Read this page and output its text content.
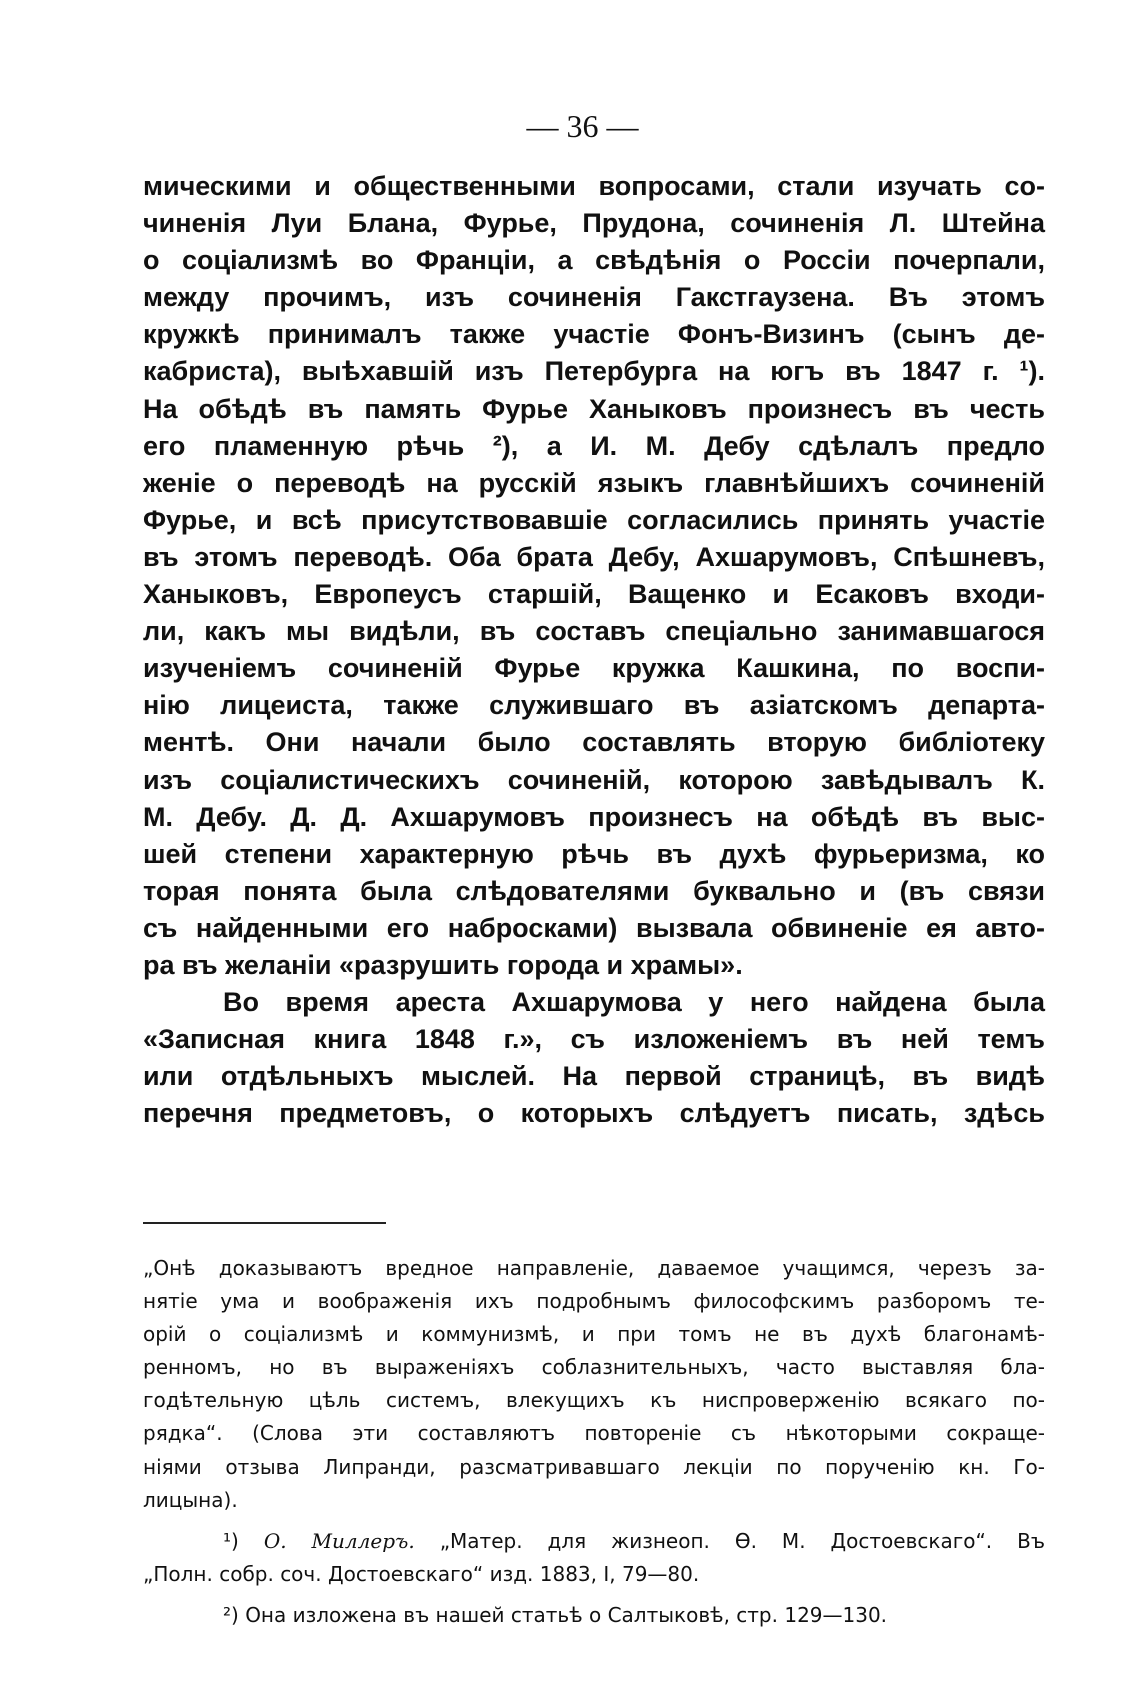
— 36 —
мическими и общественными вопросами, стали изучать со-
чиненія Луи Блана, Фурье, Прудона, сочиненія Л. Штейна
о соціализмѣ во Франціи, а свѣдѣнія о Россіи почерпали,
между прочимъ, изъ сочиненія Гакстгаузена. Въ этомъ
кружкѣ принималъ также участіе Фонъ-Визинъ (сынъ де-
кабриста), выѣхавшій изъ Петербурга на югъ въ 1847 г. ¹).
На обѣдѣ въ память Фурье Ханыковъ произнесъ въ честь
его пламенную рѣчь ²), а И. М. Дебу сдѣлалъ предло
женіе о переводѣ на русскій языкъ главнѣйшихъ сочиненій
Фурье, и всѣ присутствовавшіе согласились принять участіе
въ этомъ переводѣ. Оба брата Дебу, Ахшарумовъ, Спѣшневъ,
Ханыковъ, Европеусъ старшій, Ващенко и Есаковъ входи-
ли, какъ мы видѣли, въ составъ спеціально занимавшагося
изученіемъ сочиненій Фурье кружка Кашкина, по воспи-
нію лицеиста, также служившаго въ азіатскомъ департа-
ментѣ. Они начали было составлять вторую библіотеку
изъ соціалистическихъ сочиненій, которою завѣдывалъ К.
М. Дебу. Д. Д. Ахшарумовъ произнесъ на обѣдѣ въ выс-
шей степени характерную рѣчь въ духѣ фурьеризма, ко
торая понята была слѣдователями буквально и (въ связи
съ найденными его набросками) вызвала обвиненіе ея авто-
ра въ желаніи «разрушить города и храмы».
Во время ареста Ахшарумова у него найдена была
«Записная книга 1848 г.», съ изложеніемъ въ ней темъ
или отдѣльныхъ мыслей. На первой страницѣ, въ видѣ
перечня предметовъ, о которыхъ слѣдуетъ писать, здѣсь
„Онѣ доказываютъ вредное направленіе, даваемое учащимся, черезъ за-
нятіе ума и воображенія ихъ подробнымъ философскимъ разборомъ те-
орій о соціализмѣ и коммунизмѣ, и при томъ не въ духѣ благонамѣ-
ренномъ, но въ выраженіяхъ соблазнительныхъ, часто выставляя бла-
годѣтельную цѣль системъ, влекущихъ къ ниспроверженію всякаго по-
рядка“. (Слова эти составляютъ повтореніе съ нѣкоторыми сокраще-
ніями отзыва Липранди, разсматривавшаго лекціи по порученію кн. Го-
лицына).
¹) О. Миллеръ. „Матер. для жизнеоп. Ө. М. Достоевскаго“. Въ
„Полн. собр. соч. Достоевскаго“ изд. 1883, I, 79—80.
²) Она изложена въ нашей статьѣ о Салтыковѣ, стр. 129—130.
